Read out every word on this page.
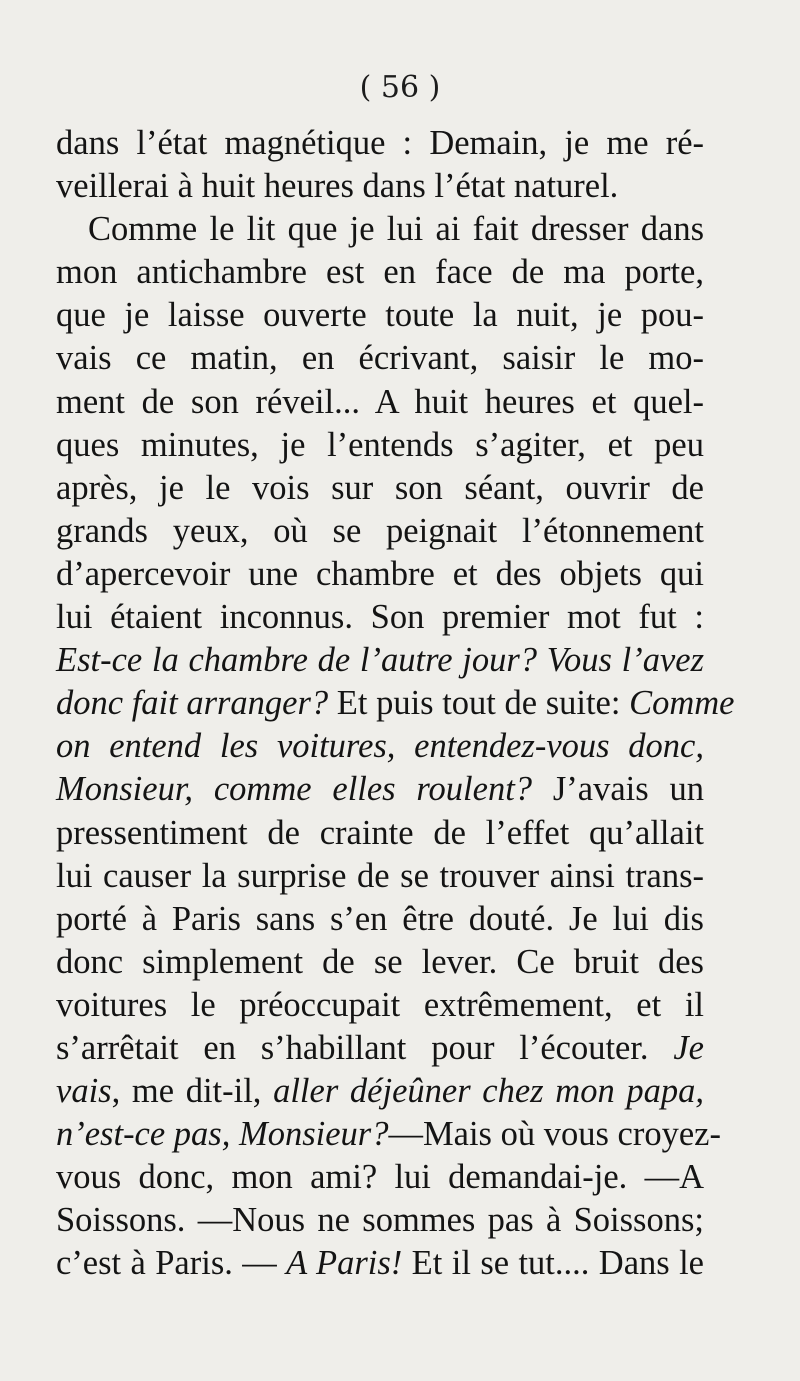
( 56 )
dans l’état magnétique : Demain, je me ré-
veillerai à huit heures dans l’état naturel.
Comme le lit que je lui ai fait dresser dans
mon antichambre est en face de ma porte,
que je laisse ouverte toute la nuit, je pou-
vais ce matin, en écrivant, saisir le mo-
ment de son réveil... A huit heures et quel-
ques minutes, je l’entends s’agiter, et peu
après, je le vois sur son séant, ouvrir de
grands yeux, où se peignait l’étonnement
d’apercevoir une chambre et des objets qui
lui étaient inconnus. Son premier mot fut :
Est-ce la chambre de l’autre jour? Vous l’avez
donc fait arranger? Et puis tout de suite: Comme
on entend les voitures, entendez-vous donc,
Monsieur, comme elles roulent? J’avais un
pressentiment de crainte de l’effet qu’allait
lui causer la surprise de se trouver ainsi trans-
porté à Paris sans s’en être douté. Je lui dis
donc simplement de se lever. Ce bruit des
voitures le préoccupait extrêmement, et il
s’arrêtait en s’habillant pour l’écouter. Je
vais, me dit-il, aller déjeûner chez mon papa,
n’est-ce pas, Monsieur?—Mais où vous croyez-
vous donc, mon ami? lui demandai-je. —A
Soissons. —Nous ne sommes pas à Soissons;
c’est à Paris. — A Paris! Et il se tut.... Dans le
